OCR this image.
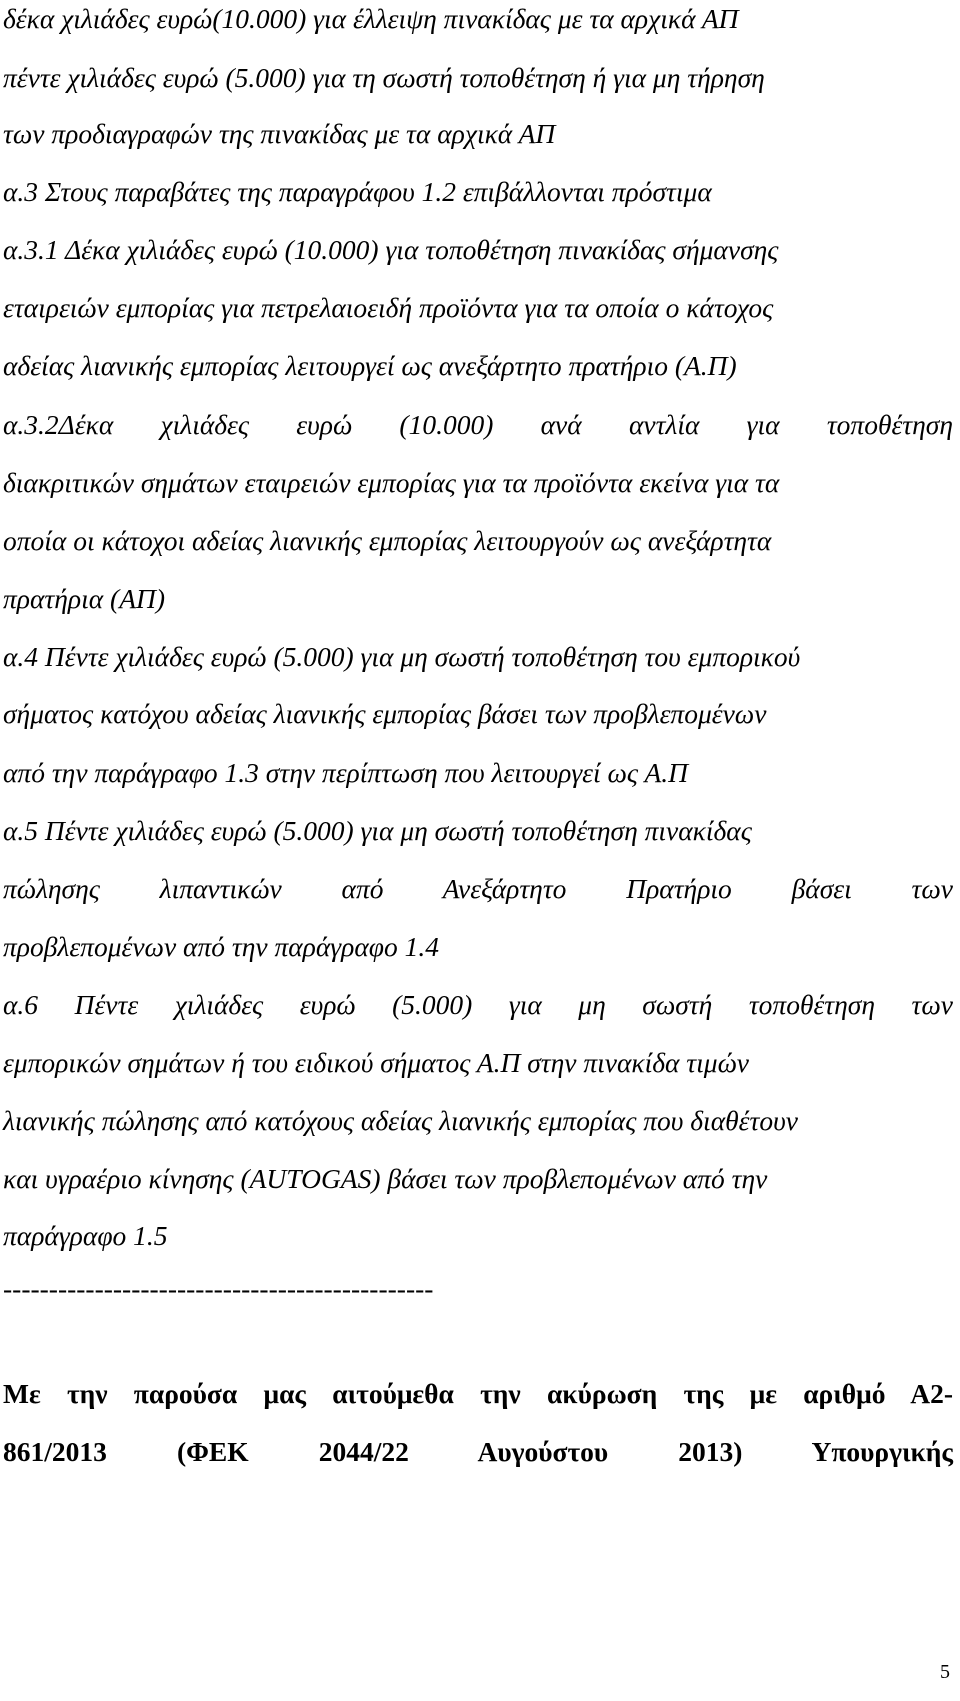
δέκα χιλιάδες ευρώ(10.000) για έλλειψη πινακίδας με τα αρχικά ΑΠ
πέντε χιλιάδες ευρώ (5.000) για τη σωστή τοποθέτηση ή για μη τήρηση
των προδιαγραφών της πινακίδας με τα αρχικά ΑΠ
α.3 Στους παραβάτες της παραγράφου 1.2 επιβάλλονται πρόστιμα
α.3.1 Δέκα χιλιάδες ευρώ (10.000) για τοποθέτηση πινακίδας σήμανσης
εταιρειών εμπορίας για πετρελαιοειδή προϊόντα για τα οποία ο κάτοχος
αδείας λιανικής εμπορίας λειτουργεί ως ανεξάρτητο πρατήριο (Α.Π)
α.3.2Δέκα χιλιάδες ευρώ (10.000) ανά αντλία για τοποθέτηση
διακριτικών σημάτων εταιρειών εμπορίας για τα προϊόντα εκείνα για τα
οποία οι κάτοχοι αδείας λιανικής εμπορίας λειτουργούν ως ανεξάρτητα
πρατήρια (ΑΠ)
α.4 Πέντε χιλιάδες ευρώ (5.000) για μη σωστή τοποθέτηση του εμπορικού
σήματος κατόχου αδείας λιανικής εμπορίας βάσει των προβλεπομένων
από την παράγραφο 1.3 στην περίπτωση που λειτουργεί ως Α.Π
α.5 Πέντε χιλιάδες ευρώ (5.000) για μη σωστή τοποθέτηση πινακίδας
πώλησης λιπαντικών από Ανεξάρτητο Πρατήριο βάσει των
προβλεπομένων από την παράγραφο 1.4
α.6 Πέντε χιλιάδες ευρώ (5.000) για μη σωστή τοποθέτηση των
εμπορικών σημάτων ή του ειδικού σήματος Α.Π στην πινακίδα τιμών
λιανικής πώλησης από κατόχους αδείας λιανικής εμπορίας που διαθέτουν
και υγραέριο κίνησης (AUTOGAS) βάσει των προβλεπομένων από την
παράγραφο 1.5
-----------------------------------------------
Με την παρούσα μας αιτούμεθα την ακύρωση της με αριθμό Α2-
861/2013 (ΦΕΚ 2044/22 Αυγούστου 2013) Υπουργικής
5
